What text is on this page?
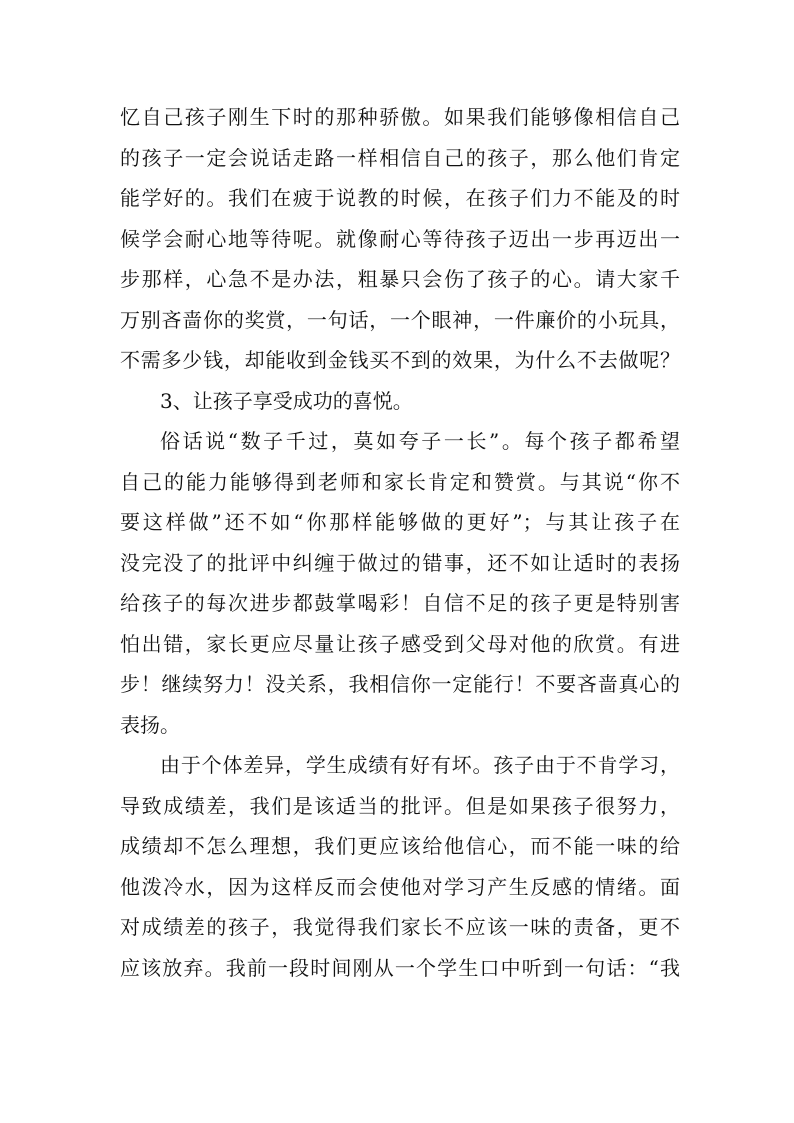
忆自己孩子刚生下时的那种骄傲。如果我们能够像相信自己
的孩子一定会说话走路一样相信自己的孩子，那么他们肯定
能学好的。我们在疲于说教的时候，在孩子们力不能及的时
候学会耐心地等待呢。就像耐心等待孩子迈出一步再迈出一
步那样，心急不是办法，粗暴只会伤了孩子的心。请大家千
万别吝啬你的奖赏，一句话，一个眼神，一件廉价的小玩具，
不需多少钱，却能收到金钱买不到的效果，为什么不去做呢？
3、让孩子享受成功的喜悦。
俗话说“数子千过，莫如夸子一长”。每个孩子都希望
自己的能力能够得到老师和家长肯定和赞赏。与其说“你不
要这样做”还不如“你那样能够做的更好”；与其让孩子在
没完没了的批评中纠缠于做过的错事，还不如让适时的表扬
给孩子的每次进步都鼓掌喝彩！自信不足的孩子更是特别害
怕出错，家长更应尽量让孩子感受到父母对他的欣赏。有进
步！继续努力！没关系，我相信你一定能行！不要吝啬真心的
表扬。
由于个体差异，学生成绩有好有坏。孩子由于不肯学习，
导致成绩差，我们是该适当的批评。但是如果孩子很努力，
成绩却不怎么理想，我们更应该给他信心，而不能一味的给
他泼冷水，因为这样反而会使他对学习产生反感的情绪。面
对成绩差的孩子，我觉得我们家长不应该一味的责备，更不
应该放弃。我前一段时间刚从一个学生口中听到一句话：“我
